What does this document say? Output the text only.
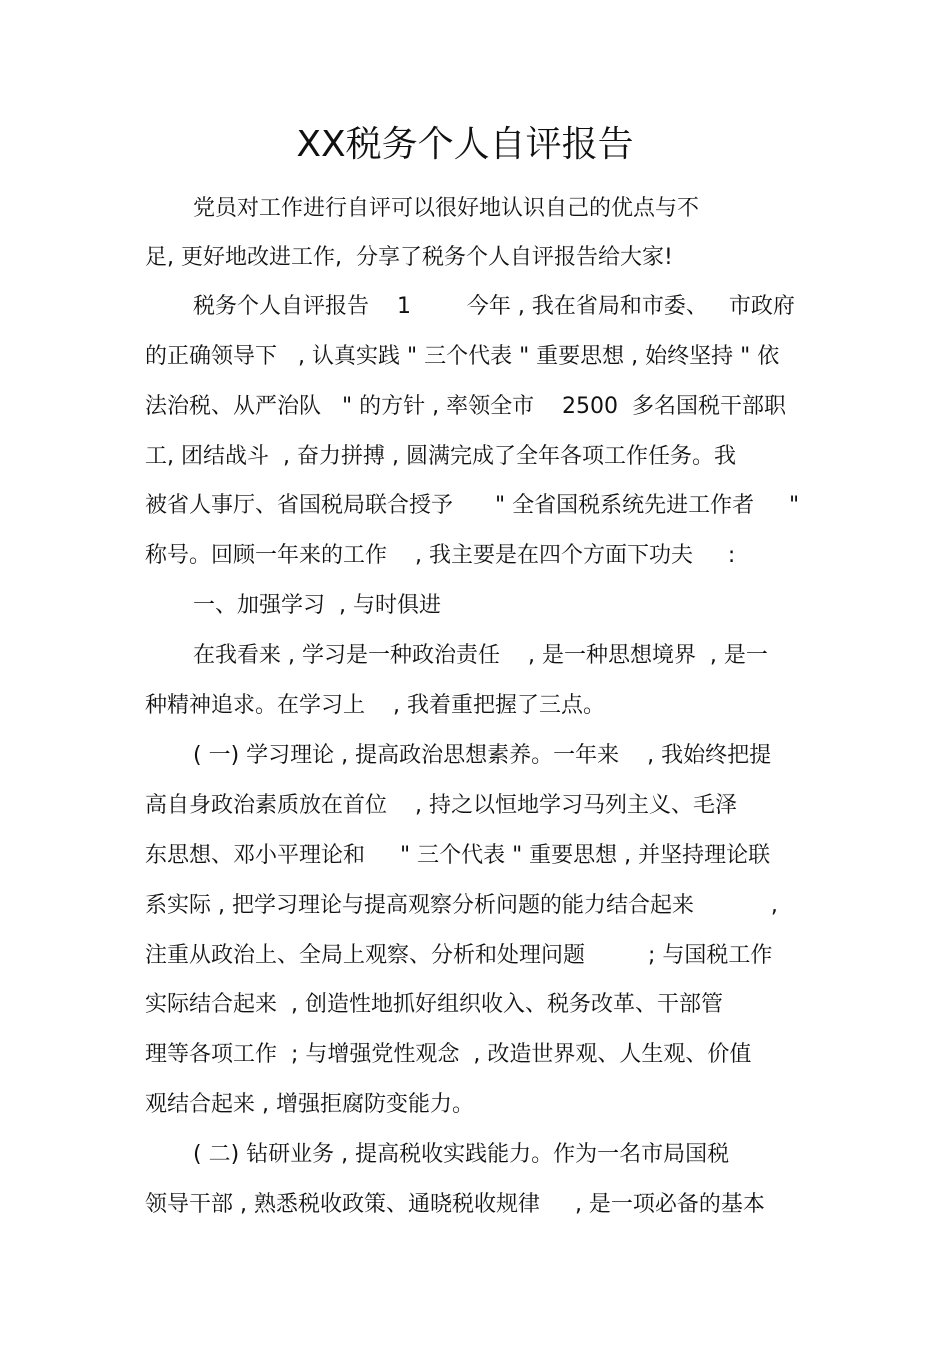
XX税务个人自评报告
党员对工作进行自评可以很好地认识自己的优点与不
足, 更好地改进工作,  分享了税务个人自评报告给大家!
税务个人自评报告    1        今年 , 我在省局和市委、   市政府
的正确领导下   , 认真实践 " 三个代表 " 重要思想 , 始终坚持 " 依
法治税、从严治队   " 的方针 , 率领全市    2500  多名国税干部职
工, 团结战斗  , 奋力拼搏 , 圆满完成了全年各项工作任务。我
被省人事厅、省国税局联合授予      " 全省国税系统先进工作者     "
称号。回顾一年来的工作    , 我主要是在四个方面下功夫     :
一、加强学习  , 与时俱进
在我看来 , 学习是一种政治责任    , 是一种思想境界  , 是一
种精神追求。在学习上    , 我着重把握了三点。
( 一) 学习理论 , 提高政治思想素养。一年来    , 我始终把提
高自身政治素质放在首位    , 持之以恒地学习马列主义、毛泽
东思想、邓小平理论和     " 三个代表 " 重要思想 , 并坚持理论联
系实际 , 把学习理论与提高观察分析问题的能力结合起来           ,
注重从政治上、全局上观察、分析和处理问题         ; 与国税工作
实际结合起来  , 创造性地抓好组织收入、税务改革、干部管
理等各项工作  ; 与增强党性观念  , 改造世界观、人生观、价值
观结合起来 , 增强拒腐防变能力。
( 二) 钻研业务 , 提高税收实践能力。作为一名市局国税
领导干部 , 熟悉税收政策、通晓税收规律     , 是一项必备的基本
